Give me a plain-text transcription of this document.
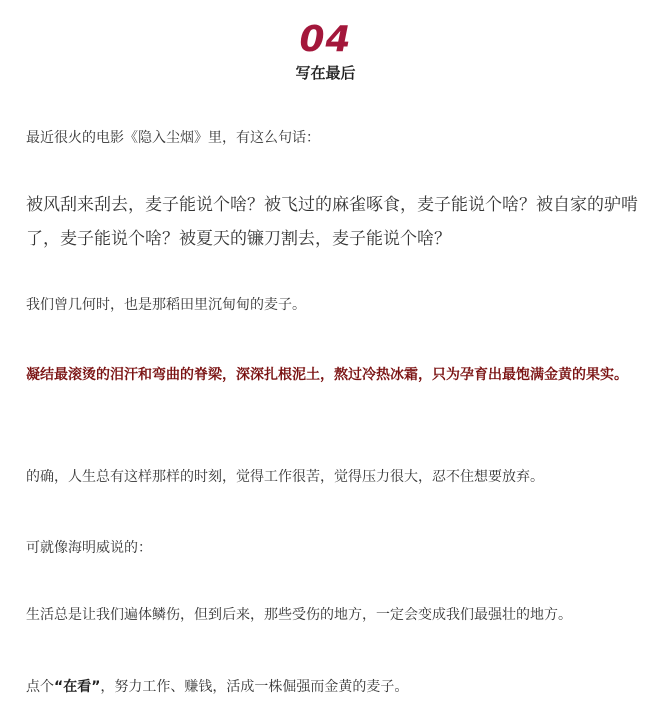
04
写在最后

最近很火的电影《隐入尘烟》里，有这么句话：

被风刮来刮去，麦子能说个啥？被飞过的麻雀啄食，麦子能说个啥？被自家的驴啃了，麦子能说个啥？被夏天的镰刀割去，麦子能说个啥？

我们曾几何时，也是那稻田里沉甸甸的麦子。

凝结最滚烫的泪汗和弯曲的脊梁，深深扎根泥土，熬过冷热冰霜，只为孕育出最饱满金黄的果实。

的确，人生总有这样那样的时刻，觉得工作很苦，觉得压力很大，忍不住想要放弃。

可就像海明威说的：

生活总是让我们遍体鳞伤，但到后来，那些受伤的地方，一定会变成我们最强壮的地方。

点个“在看”，努力工作、赚钱，活成一株倔强而金黄的麦子。
